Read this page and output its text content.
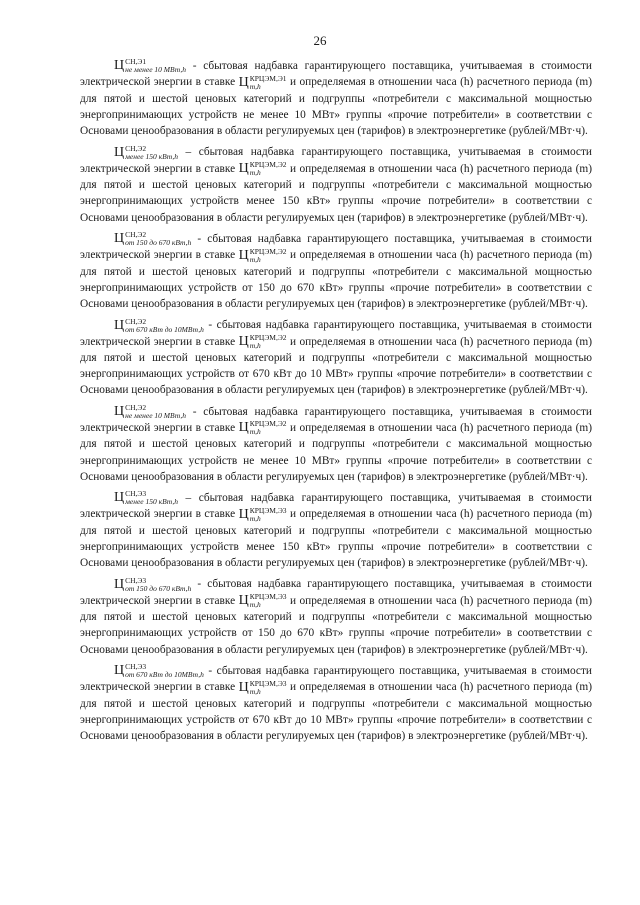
26

Ц СН,Э1
не менее 10 МВт,h - сбытовая надбавка гарантирующего поставщика, учитываемая в стоимости электрической энергии в ставке Ц КРЦЭМ,Э1
m,h	и определяемая в отношении часа (h) расчетного периода (m) для пятой и шестой ценовых категорий и подгруппы «потребители с максимальной мощностью энергопринимающих устройств не менее 10 МВт» группы «прочие потребители» в соответствии с Основами ценообразования в области регулируемых цен (тарифов) в электроэнергетике (рублей/МВт·ч).

Ц СН,Э2
менее 150 кВт,h – сбытовая надбавка гарантирующего поставщика, учитываемая в стоимости электрической энергии в ставке Ц КРЦЭМ,Э2
m,h	и определяемая в отношении часа (h) расчетного периода (m) для пятой и шестой ценовых категорий и подгруппы «потребители с максимальной мощностью энергопринимающих устройств менее 150 кВт» группы «прочие потребители» в соответствии с Основами ценообразования в области регулируемых цен (тарифов) в электроэнергетике (рублей/МВт·ч).

Ц СН,Э2
от 150 до 670 кВт,h - сбытовая надбавка гарантирующего поставщика, учитываемая в стоимости электрической энергии в ставке Ц КРЦЭМ,Э2
m,h	и определяемая в отношении часа (h) расчетного периода (m) для пятой и шестой ценовых категорий и подгруппы «потребители с максимальной мощностью энергопринимающих устройств от 150 до 670 кВт» группы «прочие потребители» в соответствии с Основами ценообразования в области регулируемых цен (тарифов) в электроэнергетике (рублей/МВт·ч).

Ц СН,Э2
от 670 кВт до 10МВт,h - сбытовая надбавка гарантирующего поставщика, учитываемая в стоимости электрической энергии в ставке Ц КРЦЭМ,Э2
m,h	и определяемая в отношении часа (h) расчетного периода (m) для пятой и шестой ценовых категорий и подгруппы «потребители с максимальной мощностью энергопринимающих устройств от 670 кВт до 10 МВт» группы «прочие потребители» в соответствии с Основами ценообразования в области регулируемых цен (тарифов) в электроэнергетике (рублей/МВт·ч).

Ц СН,Э2
не менее 10 МВт,h - сбытовая надбавка гарантирующего поставщика, учитываемая в стоимости электрической энергии в ставке Ц КРЦЭМ,Э2
m,h	и определяемая в отношении часа (h) расчетного периода (m) для пятой и шестой ценовых категорий и подгруппы «потребители с максимальной мощностью энергопринимающих устройств не менее 10 МВт» группы «прочие потребители» в соответствии с Основами ценообразования в области регулируемых цен (тарифов) в электроэнергетике (рублей/МВт·ч).

Ц СН,Э3
менее 150 кВт,h – сбытовая надбавка гарантирующего поставщика, учитываемая в стоимости электрической энергии в ставке Ц КРЦЭМ,Э3
m,h	и определяемая в отношении часа (h) расчетного периода (m) для пятой и шестой ценовых категорий и подгруппы «потребители с максимальной мощностью энергопринимающих устройств менее 150 кВт» группы «прочие потребители» в соответствии с Основами ценообразования в области регулируемых цен (тарифов) в электроэнергетике (рублей/МВт·ч).

Ц СН,Э3
от 150 до 670 кВт,h - сбытовая надбавка гарантирующего поставщика, учитываемая в стоимости электрической энергии в ставке Ц КРЦЭМ,Э3
m,h	и определяемая в отношении часа (h) расчетного периода (m) для пятой и шестой ценовых категорий и подгруппы «потребители с максимальной мощностью энергопринимающих устройств от 150 до 670 кВт» группы «прочие потребители» в соответствии с Основами ценообразования в области регулируемых цен (тарифов) в электроэнергетике (рублей/МВт·ч).

Ц СН,Э3
от 670 кВт до 10МВт,h - сбытовая надбавка гарантирующего поставщика, учитываемая в стоимости электрической энергии в ставке Ц КРЦЭМ,Э3
m,h	и определяемая в отношении часа (h) расчетного периода (m) для пятой и шестой ценовых категорий и подгруппы «потребители с максимальной мощностью энергопринимающих устройств от 670 кВт до 10 МВт» группы «прочие потребители» в соответствии с Основами ценообразования в области регулируемых цен (тарифов) в электроэнергетике (рублей/МВт·ч).
